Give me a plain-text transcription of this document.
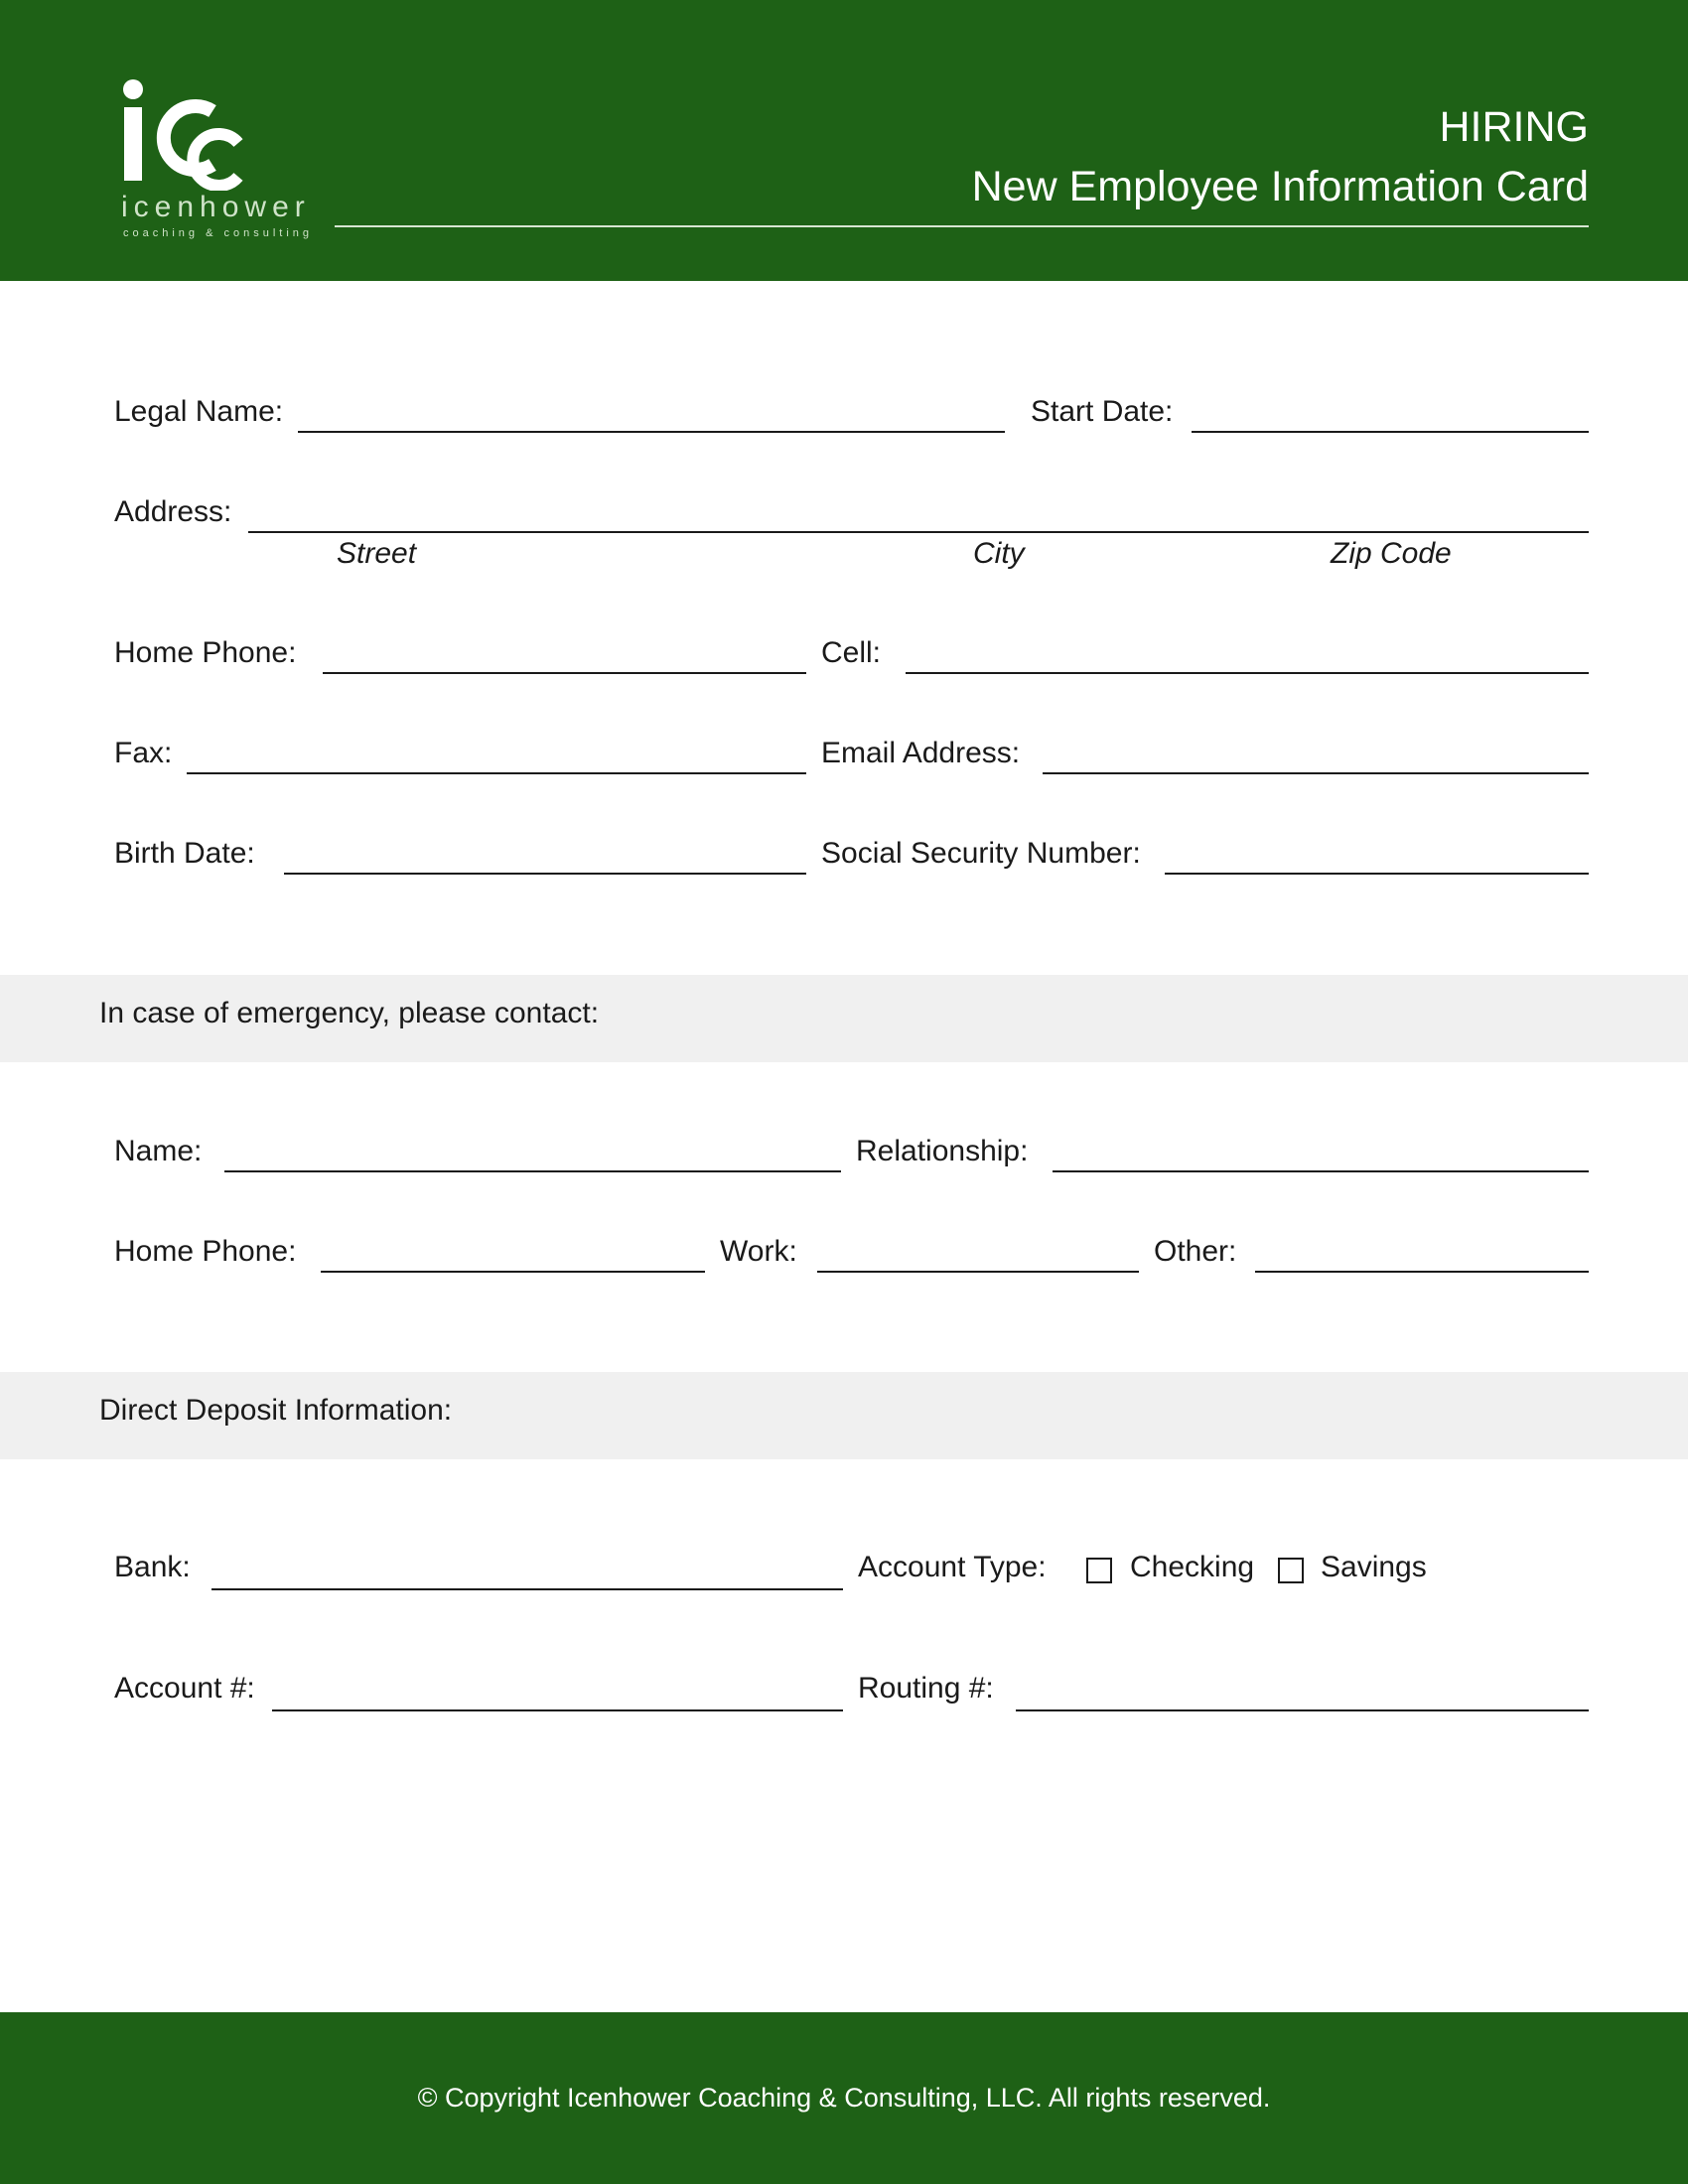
icenhower
coaching & consulting
HIRING
New Employee Information Card
Legal Name:	Start Date:
Address:
Street	City	Zip Code
Home Phone:	Cell:
Fax:	Email Address:
Birth Date:	Social Security Number:
In case of emergency, please contact:
Name:	Relationship:
Home Phone:	Work:	Other:
Direct Deposit Information:
Bank:	Account Type:	Checking Savings
Account #:	Routing #:
© Copyright Icenhower Coaching & Consulting, LLC. All rights reserved.
